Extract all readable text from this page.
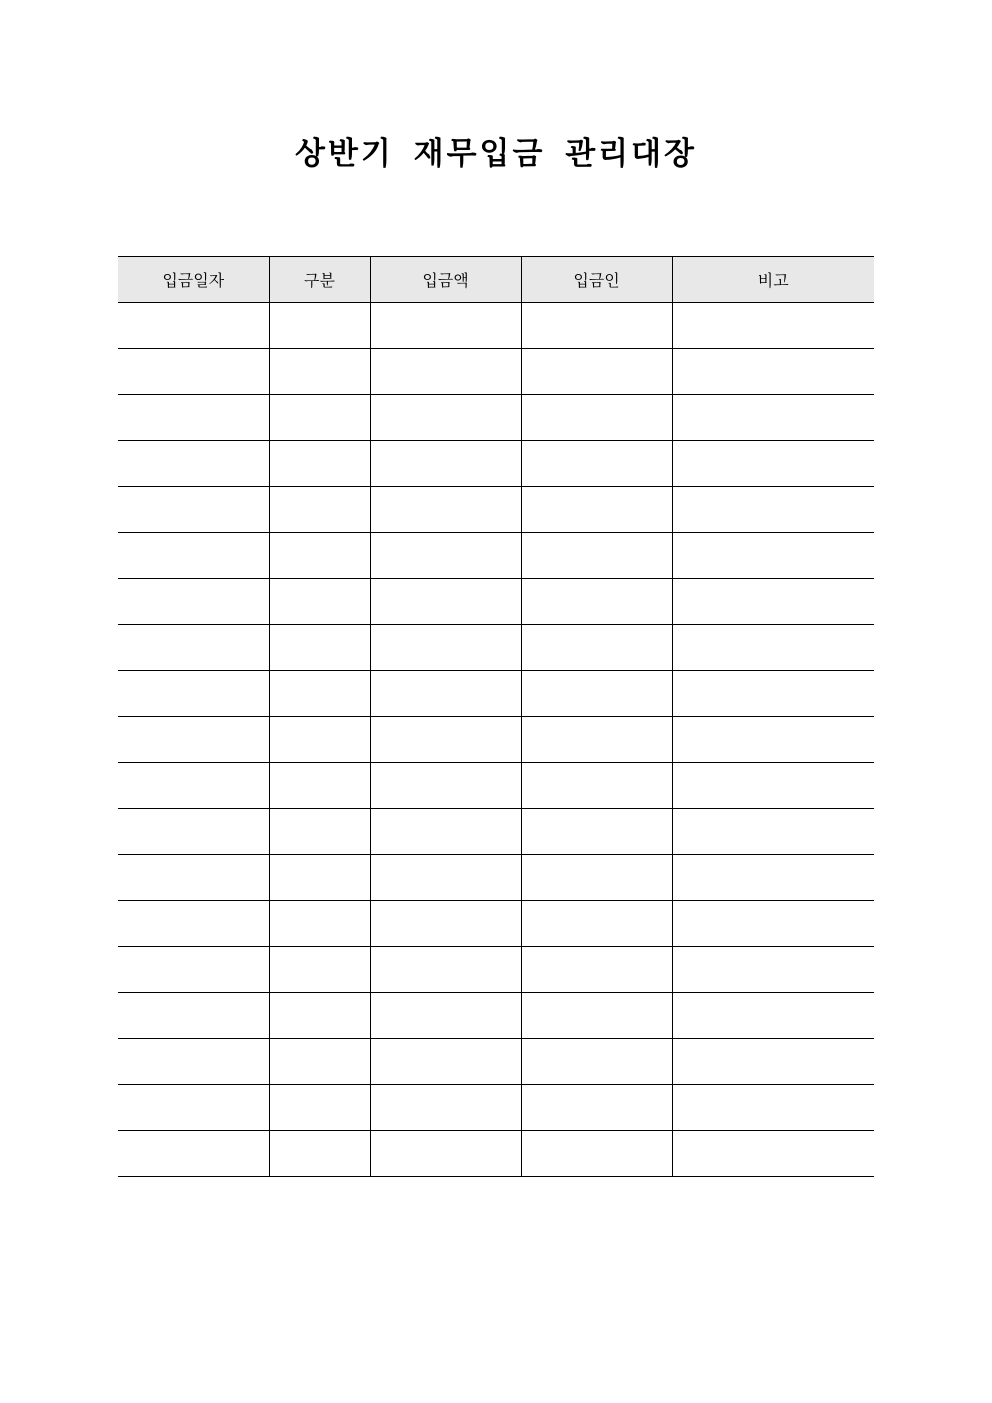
상반기 재무입금 관리대장
입금일자	구분	입금액	입금인	비고
